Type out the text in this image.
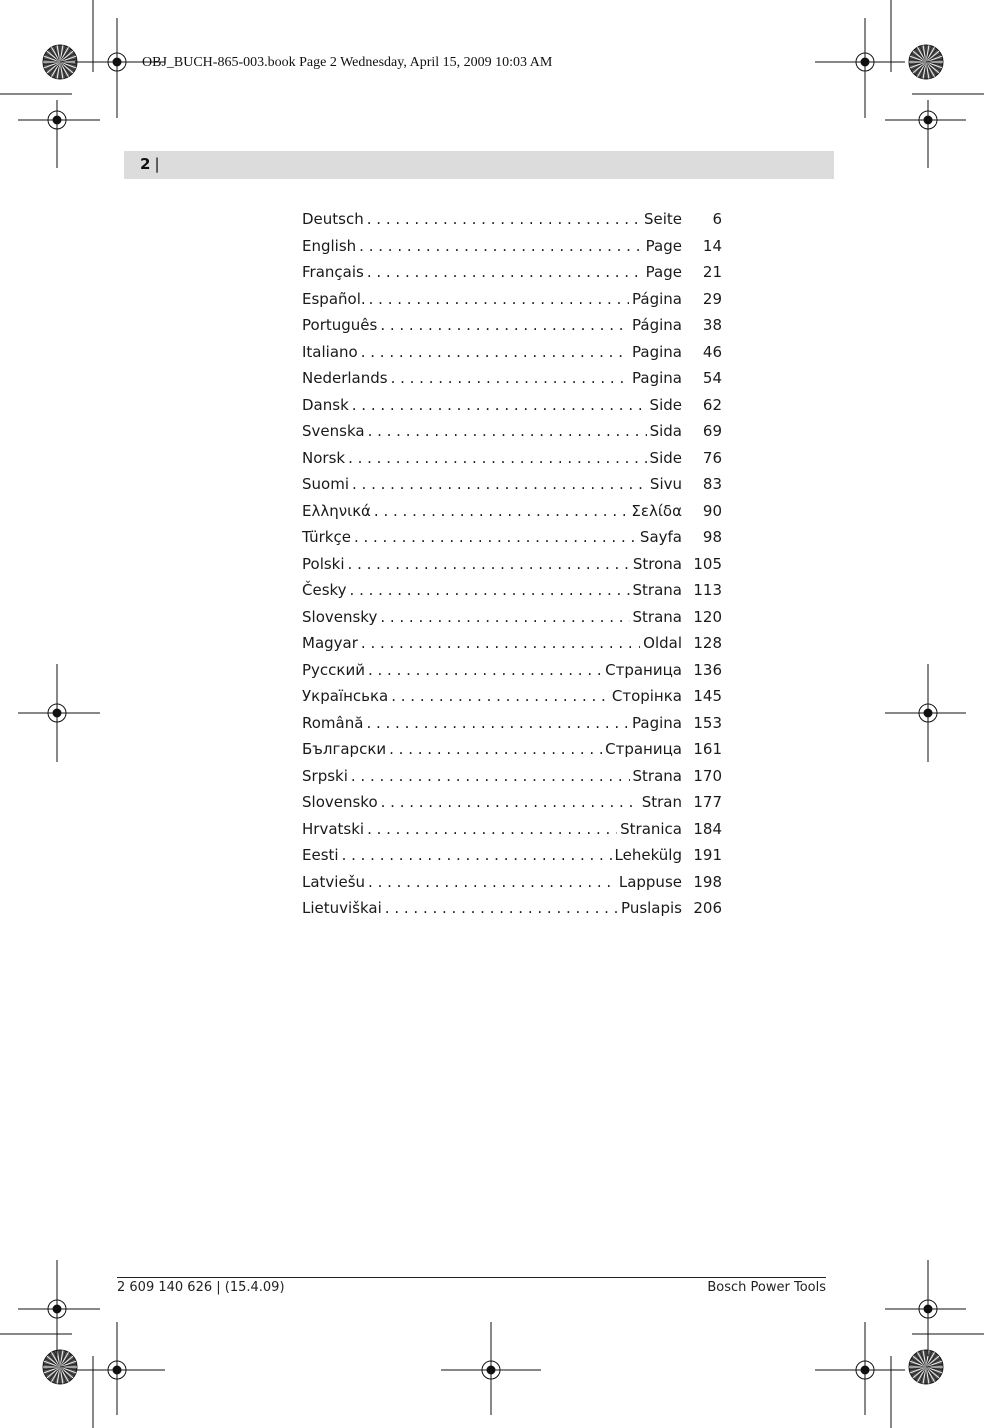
OBJ_BUCH-865-003.book Page 2 Wednesday, April 15, 2009 10:03 AM
2 |
Deutsch . . .	Seite	6
English . . .	Page	14
Français . . .	Page	21
Español. . . .	Página	29
Português . . .	Página	38
Italiano . . .	Pagina	46
Nederlands . . .	Pagina	54
Dansk . . .	Side	62
Svenska . . .	Sida	69
Norsk . . .	Side	76
Suomi . . .	Sivu	83
Ελληνικά . . .	Σελίδα	90
Türkçe . . .	Sayfa	98
Polski . . .	Strona 105
Česky . . .	Strana 113
Slovensky . . .	Strana 120
Magyar . . .	Oldal 128
Русский . . .	Страница 136
Українська . . .	Сторінка 145
Română . . .	Pagina 153
Български . . .	Страница 161
Srpski . . .	Strana 170
Slovensko . . .	Stran 177
Hrvatski . . .	Stranica 184
Eesti . . .	Lehekülg 191
Latviešu . . .	Lappuse 198
Lietuviškai . . .	Puslapis 206
2 609 140 626 | (15.4.09)	Bosch Power Tools
